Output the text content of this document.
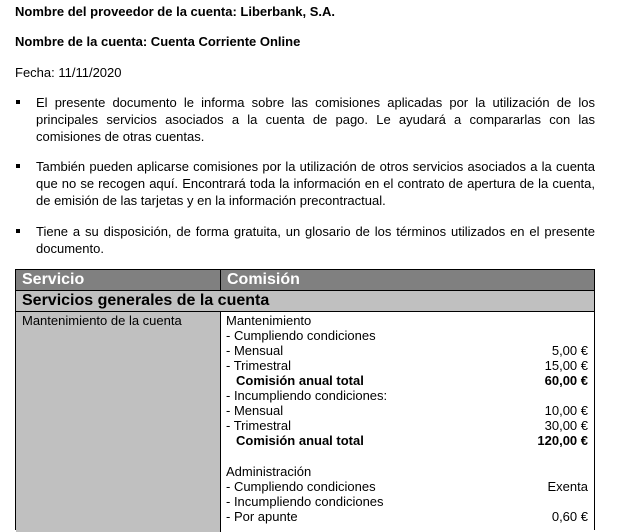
Nombre del proveedor de la cuenta: Liberbank, S.A.
Nombre de la cuenta: Cuenta Corriente Online
Fecha: 11/11/2020
El presente documento le informa sobre las comisiones aplicadas por la utilización de los principales servicios asociados a la cuenta de pago. Le ayudará a compararlas con las comisiones de otras cuentas.
También pueden aplicarse comisiones por la utilización de otros servicios asociados a la cuenta que no se recogen aquí. Encontrará toda la información en el contrato de apertura de la cuenta, de emisión de las tarjetas y en la información precontractual.
Tiene a su disposición, de forma gratuita, un glosario de los términos utilizados en el presente documento.
Servicio	Comisión
Servicios generales de la cuenta
Mantenimiento de la cuenta	Mantenimiento
- Cumpliendo condiciones
- Mensual	5,00 €
- Trimestral	15,00 €
Comisión anual total	60,00 €
- Incumpliendo condiciones:
- Mensual	10,00 €
- Trimestral	30,00 €
Comisión anual total	120,00 €
Administración
- Cumpliendo condiciones	Exenta
- Incumpliendo condiciones
- Por apunte	0,60 €
